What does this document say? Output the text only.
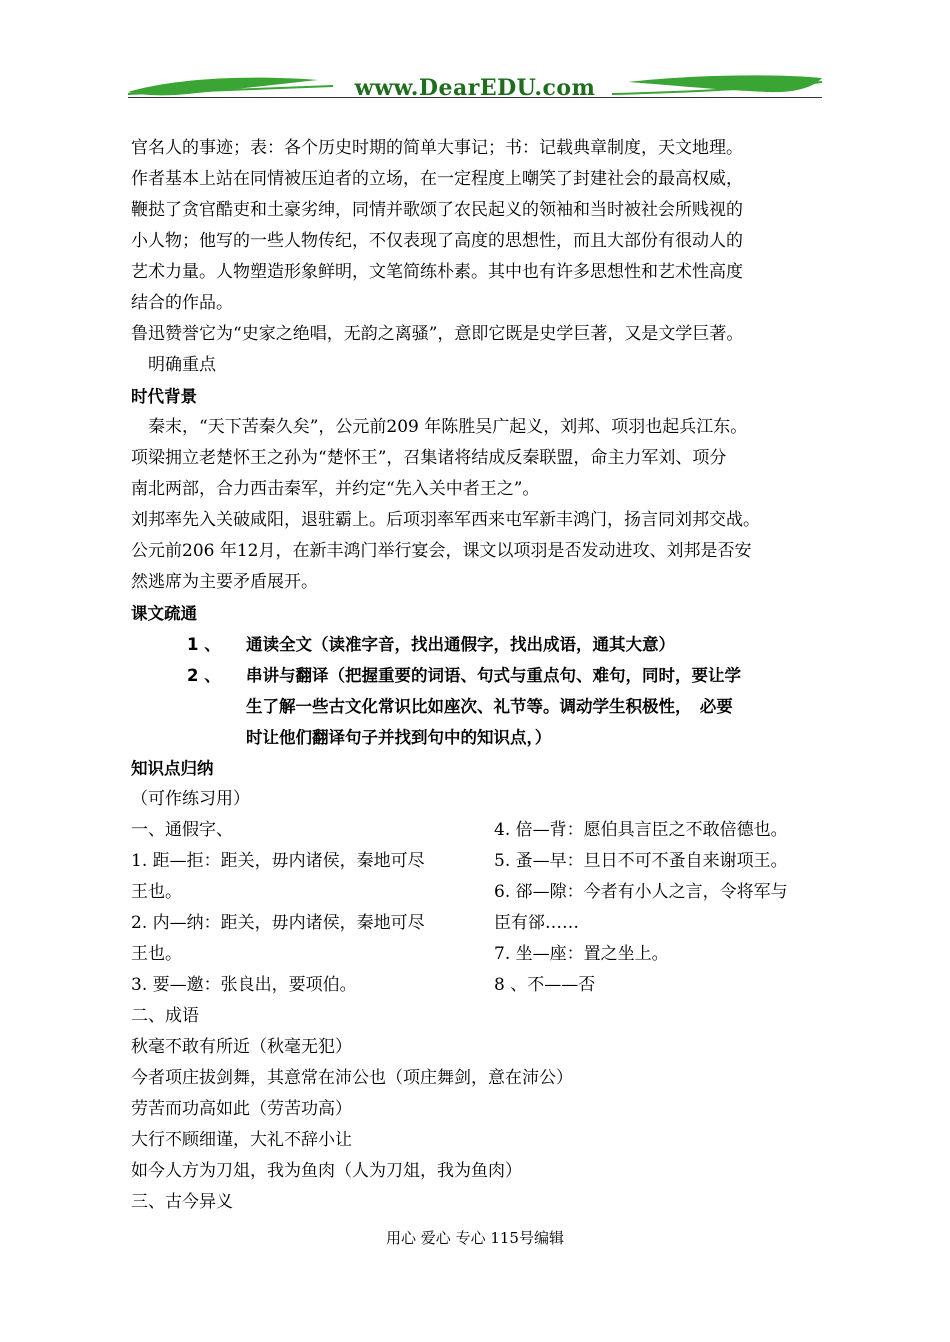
www.DearEDU.com
官名人的事迹；表：各个历史时期的简单大事记；书：记载典章制度，天文地理。
作者基本上站在同情被压迫者的立场，在一定程度上嘲笑了封建社会的最高权威，
鞭挞了贪官酷吏和土豪劣绅，同情并歌颂了农民起义的领袖和当时被社会所贱视的
小人物；他写的一些人物传纪，不仅表现了高度的思想性，而且大部份有很动人的
艺术力量。人物塑造形象鲜明，文笔简练朴素。其中也有许多思想性和艺术性高度
结合的作品。
鲁迅赞誉它为“史家之绝唱，无韵之离骚”，意即它既是史学巨著，又是文学巨著。
　明确重点
时代背景
　秦末，“天下苦秦久矣”，公元前209 年陈胜吴广起义，刘邦、项羽也起兵江东。
项梁拥立老楚怀王之孙为“楚怀王”，召集诸将结成反秦联盟，命主力军刘、项分
南北两部，合力西击秦军，并约定“先入关中者王之”。
刘邦率先入关破咸阳，退驻霸上。后项羽率军西来屯军新丰鸿门，扬言同刘邦交战。
公元前206 年12月，在新丰鸿门举行宴会，课文以项羽是否发动进攻、刘邦是否安
然逃席为主要矛盾展开。
课文疏通
1 、	通读全文（读准字音，找出通假字，找出成语，通其大意）
2 、	串讲与翻译（把握重要的词语、句式与重点句、难句，同时，要让学
生了解一些古文化常识比如座次、礼节等。调动学生积极性，　必要
时让他们翻译句子并找到句中的知识点，）
知识点归纳
（可作练习用）
一、通假字、
1. 距—拒：距关，毋内诸侯，秦地可尽
王也。
2. 内—纳：距关，毋内诸侯，秦地可尽
王也。
3. 要—邀：张良出，要项伯。
4. 倍—背：愿伯具言臣之不敢倍德也。
5. 蚤—早：旦日不可不蚤自来谢项王。
6. 郤—隙：今者有小人之言，令将军与
臣有郤……
7. 坐—座：置之坐上。
8 、不——否
二、成语
秋毫不敢有所近（秋毫无犯）
今者项庄拔剑舞，其意常在沛公也（项庄舞剑，意在沛公）
劳苦而功高如此（劳苦功高）
大行不顾细谨，大礼不辞小让
如今人方为刀俎，我为鱼肉（人为刀俎，我为鱼肉）
三、古今异义
用心 爱心 专心 115号编辑
